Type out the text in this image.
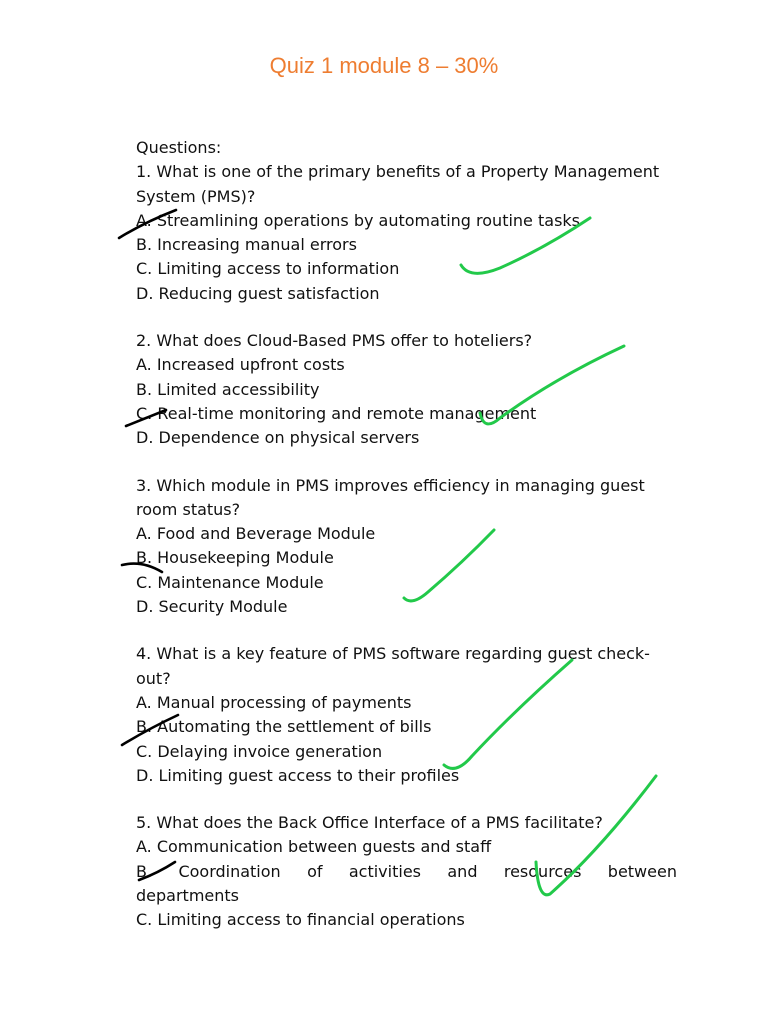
Quiz 1 module 8 – 30%
Questions:
1. What is one of the primary benefits of a Property Management System (PMS)?
A. Streamlining operations by automating routine tasks
B. Increasing manual errors
C. Limiting access to information
D. Reducing guest satisfaction
2. What does Cloud-Based PMS offer to hoteliers?
A. Increased upfront costs
B. Limited accessibility
C. Real-time monitoring and remote management
D. Dependence on physical servers
3. Which module in PMS improves efficiency in managing guest room status?
A. Food and Beverage Module
B. Housekeeping Module
C. Maintenance Module
D. Security Module
4. What is a key feature of PMS software regarding guest check-out?
A. Manual processing of payments
B. Automating the settlement of bills
C. Delaying invoice generation
D. Limiting guest access to their profiles
5. What does the Back Office Interface of a PMS facilitate?
A. Communication between guests and staff
B. Coordination of activities and resources between
departments
C. Limiting access to financial operations
